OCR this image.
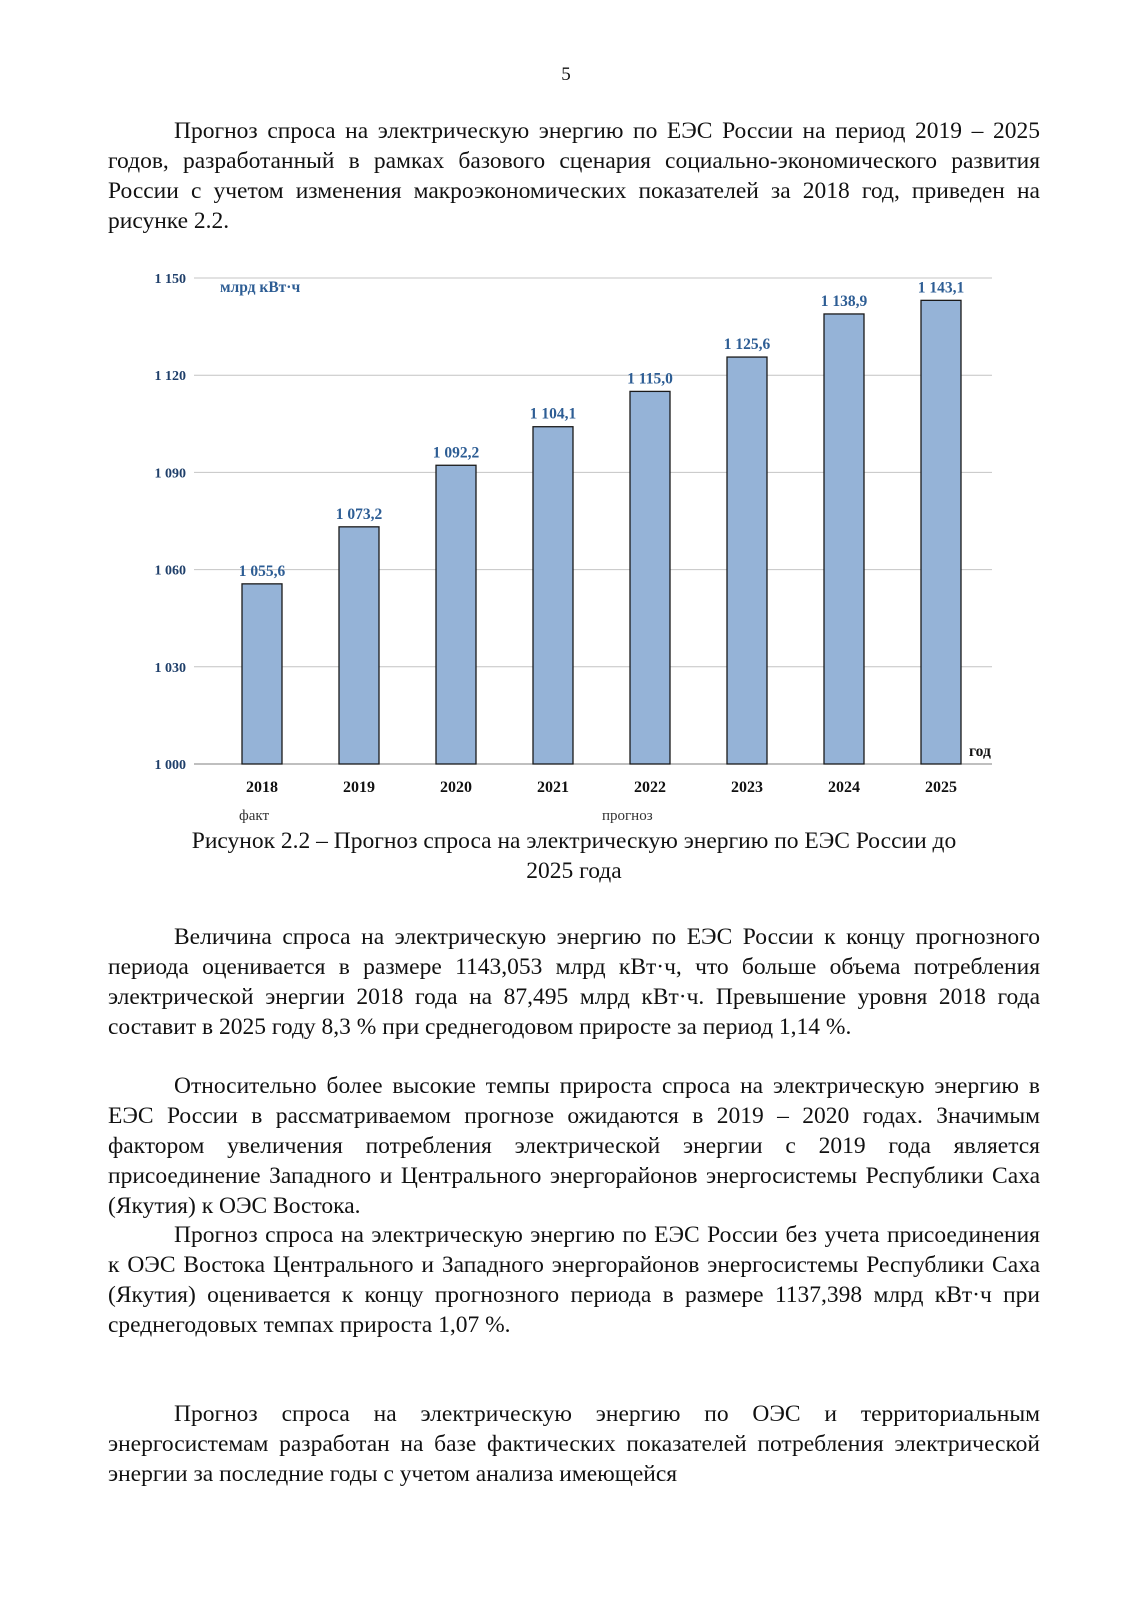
5

Прогноз спроса на электрическую энергию по ЕЭС России на период 2019 – 2025 годов, разработанный в рамках базового сценария социально-экономического развития России с учетом изменения макроэкономических показателей за 2018 год, приведен на рисунке 2.2.

1 000
1 030
1 060
1 090
1 120
1 150
1 055,6
1 073,2
1 092,2
1 104,1
1 115,0
1 125,6
1 138,9
1 143,1
2018	2019	2020	2021	2022	2023	2024	2025
млрд кВт·ч
год
факт	прогноз

Рисунок 2.2 – Прогноз спроса на электрическую энергию по ЕЭС России до
2025 года

Величина спроса на электрическую энергию по ЕЭС России к концу прогнозного периода оценивается в размере 1143,053 млрд кВт·ч, что больше объема потребления электрической энергии 2018 года на 87,495 млрд кВт·ч. Превышение уровня 2018 года составит в 2025 году 8,3 % при среднегодовом приросте за период 1,14 %.

Относительно более высокие темпы прироста спроса на электрическую энергию в ЕЭС России в рассматриваемом прогнозе ожидаются в 2019 – 2020 годах. Значимым фактором увеличения потребления электрической энергии с 2019 года является присоединение Западного и Центрального энергорайонов энергосистемы Республики Саха (Якутия) к ОЭС Востока.

Прогноз спроса на электрическую энергию по ЕЭС России без учета присоединения к ОЭС Востока Центрального и Западного энергорайонов энергосистемы Республики Саха (Якутия) оценивается к концу прогнозного периода в размере 1137,398 млрд кВт·ч при среднегодовых темпах прироста 1,07 %.

Прогноз спроса на электрическую энергию по ОЭС и территориальным энергосистемам разработан на базе фактических показателей потребления электрической энергии за последние годы с учетом анализа имеющейся
